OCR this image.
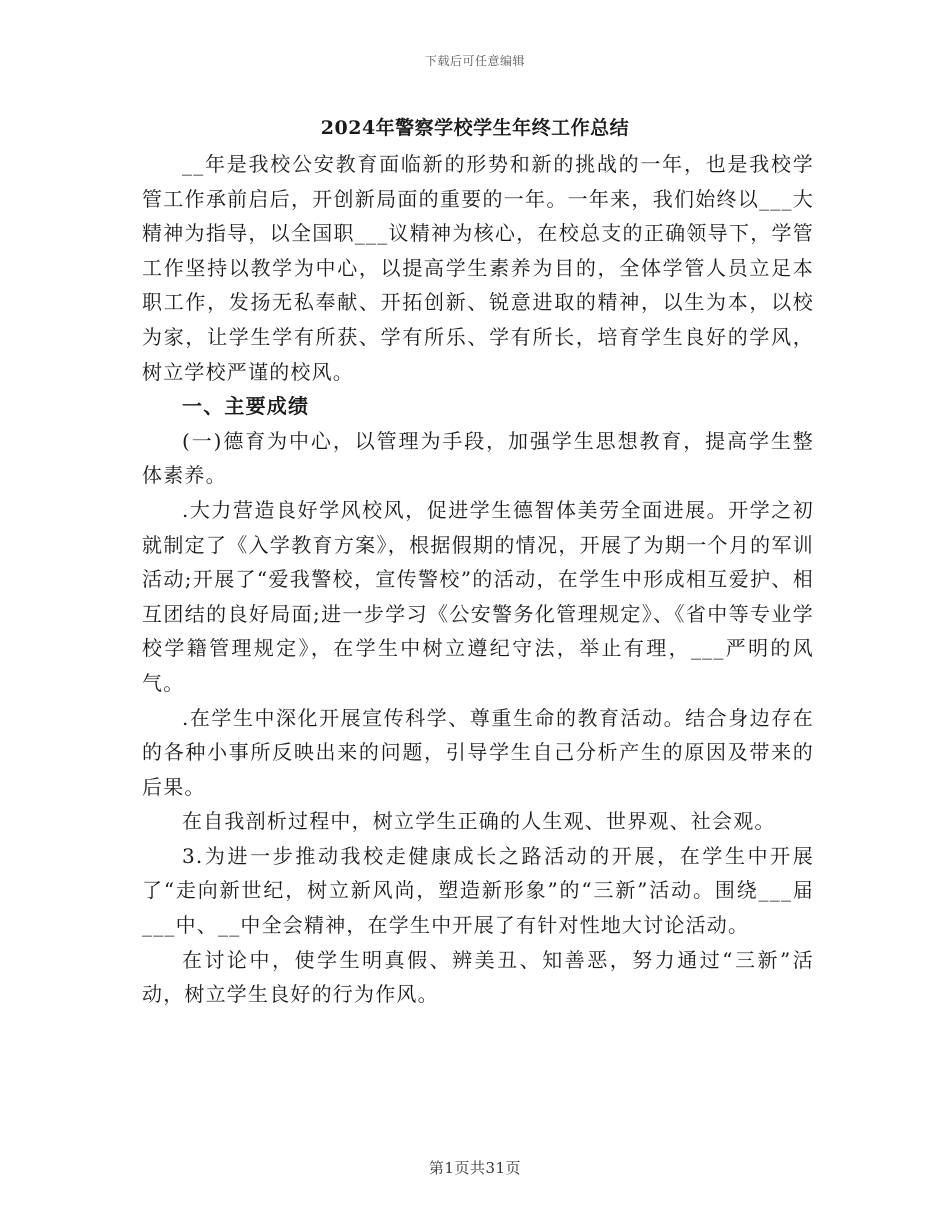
下载后可任意编辑
2024年警察学校学生年终工作总结

__年是我校公安教育面临新的形势和新的挑战的一年，也是我校学管工作承前启后，开创新局面的重要的一年。一年来，我们始终以___大精神为指导，以全国职___议精神为核心，在校总支的正确领导下，学管工作坚持以教学为中心，以提高学生素养为目的，全体学管人员立足本职工作，发扬无私奉献、开拓创新、锐意进取的精神，以生为本，以校为家，让学生学有所获、学有所乐、学有所长，培育学生良好的学风，树立学校严谨的校风。

一、主要成绩

(一)德育为中心，以管理为手段，加强学生思想教育，提高学生整体素养。

.大力营造良好学风校风，促进学生德智体美劳全面进展。开学之初就制定了《入学教育方案》，根据假期的情况，开展了为期一个月的军训活动;开展了“爱我警校，宣传警校”的活动，在学生中形成相互爱护、相互团结的良好局面;进一步学习《公安警务化管理规定》、《省中等专业学校学籍管理规定》，在学生中树立遵纪守法，举止有理，___严明的风气。

.在学生中深化开展宣传科学、尊重生命的教育活动。结合身边存在的各种小事所反映出来的问题，引导学生自己分析产生的原因及带来的后果。

在自我剖析过程中，树立学生正确的人生观、世界观、社会观。

3.为进一步推动我校走健康成长之路活动的开展，在学生中开展了“走向新世纪，树立新风尚，塑造新形象”的“三新”活动。围绕___届___中、__中全会精神，在学生中开展了有针对性地大讨论活动。

在讨论中，使学生明真假、辨美丑、知善恶，努力通过“三新”活动，树立学生良好的行为作风。

第1页共31页
